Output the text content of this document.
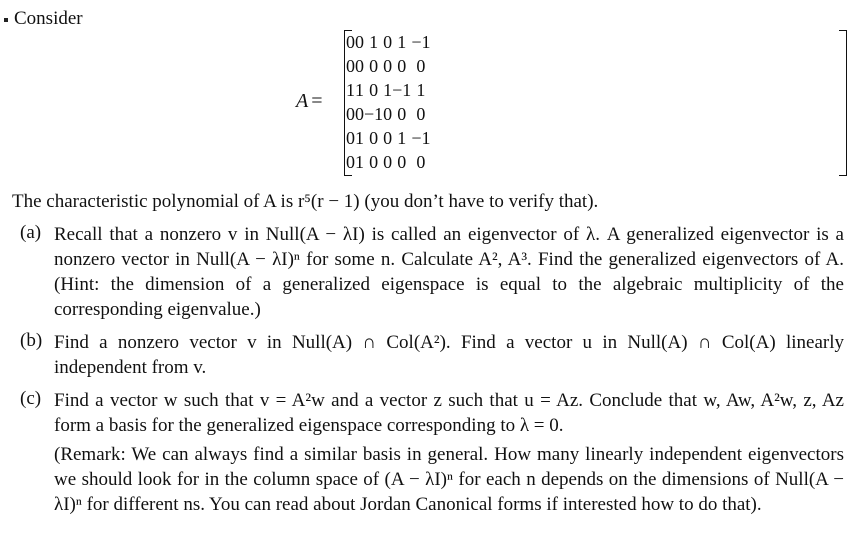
Consider
A =
0	0	1	0	1	−1
0	0	0	0	0	0
1	1	0	1	−1	1
0	0	−1	0	0	0
0	1	0	0	1	−1
0	1	0	0	0	0
The characteristic polynomial of A is r⁵(r − 1) (you don’t have to verify that).
(a) Recall that a nonzero v in Null(A − λI) is called an eigenvector of λ. A generalized eigenvector is a nonzero vector in Null(A − λI)ⁿ for some n. Calculate A², A³. Find the generalized eigenvectors of A. (Hint: the dimension of a generalized eigenspace is equal to the algebraic multiplicity of the corresponding eigenvalue.)

(b) Find a nonzero vector v in Null(A) ∩ Col(A²). Find a vector u in Null(A) ∩ Col(A) linearly independent from v.

(c) Find a vector w such that v = A²w and a vector z such that u = Az. Conclude that w, Aw, A²w, z, Az form a basis for the generalized eigenspace corresponding to λ = 0.

(Remark: We can always find a similar basis in general. How many linearly independent eigenvectors we should look for in the column space of (A − λI)ⁿ for each n depends on the dimensions of Null(A − λI)ⁿ for different ns. You can read about Jordan Canonical forms if interested how to do that).
